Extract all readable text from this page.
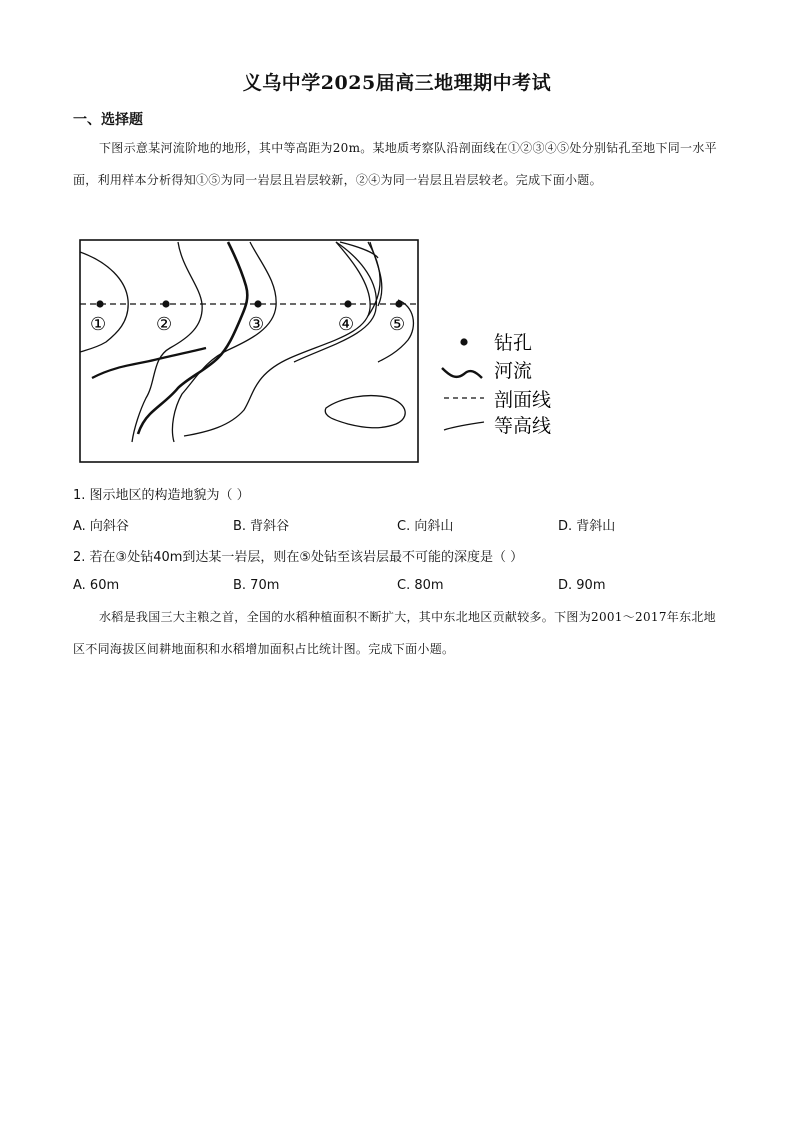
义乌中学2025届高三地理期中考试
一、选择题
下图示意某河流阶地的地形，其中等高距为20m。某地质考察队沿剖面线在①②③④⑤处分别钻孔至地下同一水平面，利用样本分析得知①⑤为同一岩层且岩层较新，②④为同一岩层且岩层较老。完成下面小题。
①	②	③	④ ⑤
钻孔
河流
剖面线
等高线
1. 图示地区的构造地貌为（ ）
A. 向斜谷	B. 背斜谷	C. 向斜山	D. 背斜山
2. 若在③处钻40m到达某一岩层，则在⑤处钻至该岩层最不可能的深度是（ ）
A. 60m	B. 70m	C. 80m	D. 90m
水稻是我国三大主粮之首，全国的水稻种植面积不断扩大，其中东北地区贡献较多。下图为2001～2017年东北地区不同海拔区间耕地面积和水稻增加面积占比统计图。完成下面小题。
